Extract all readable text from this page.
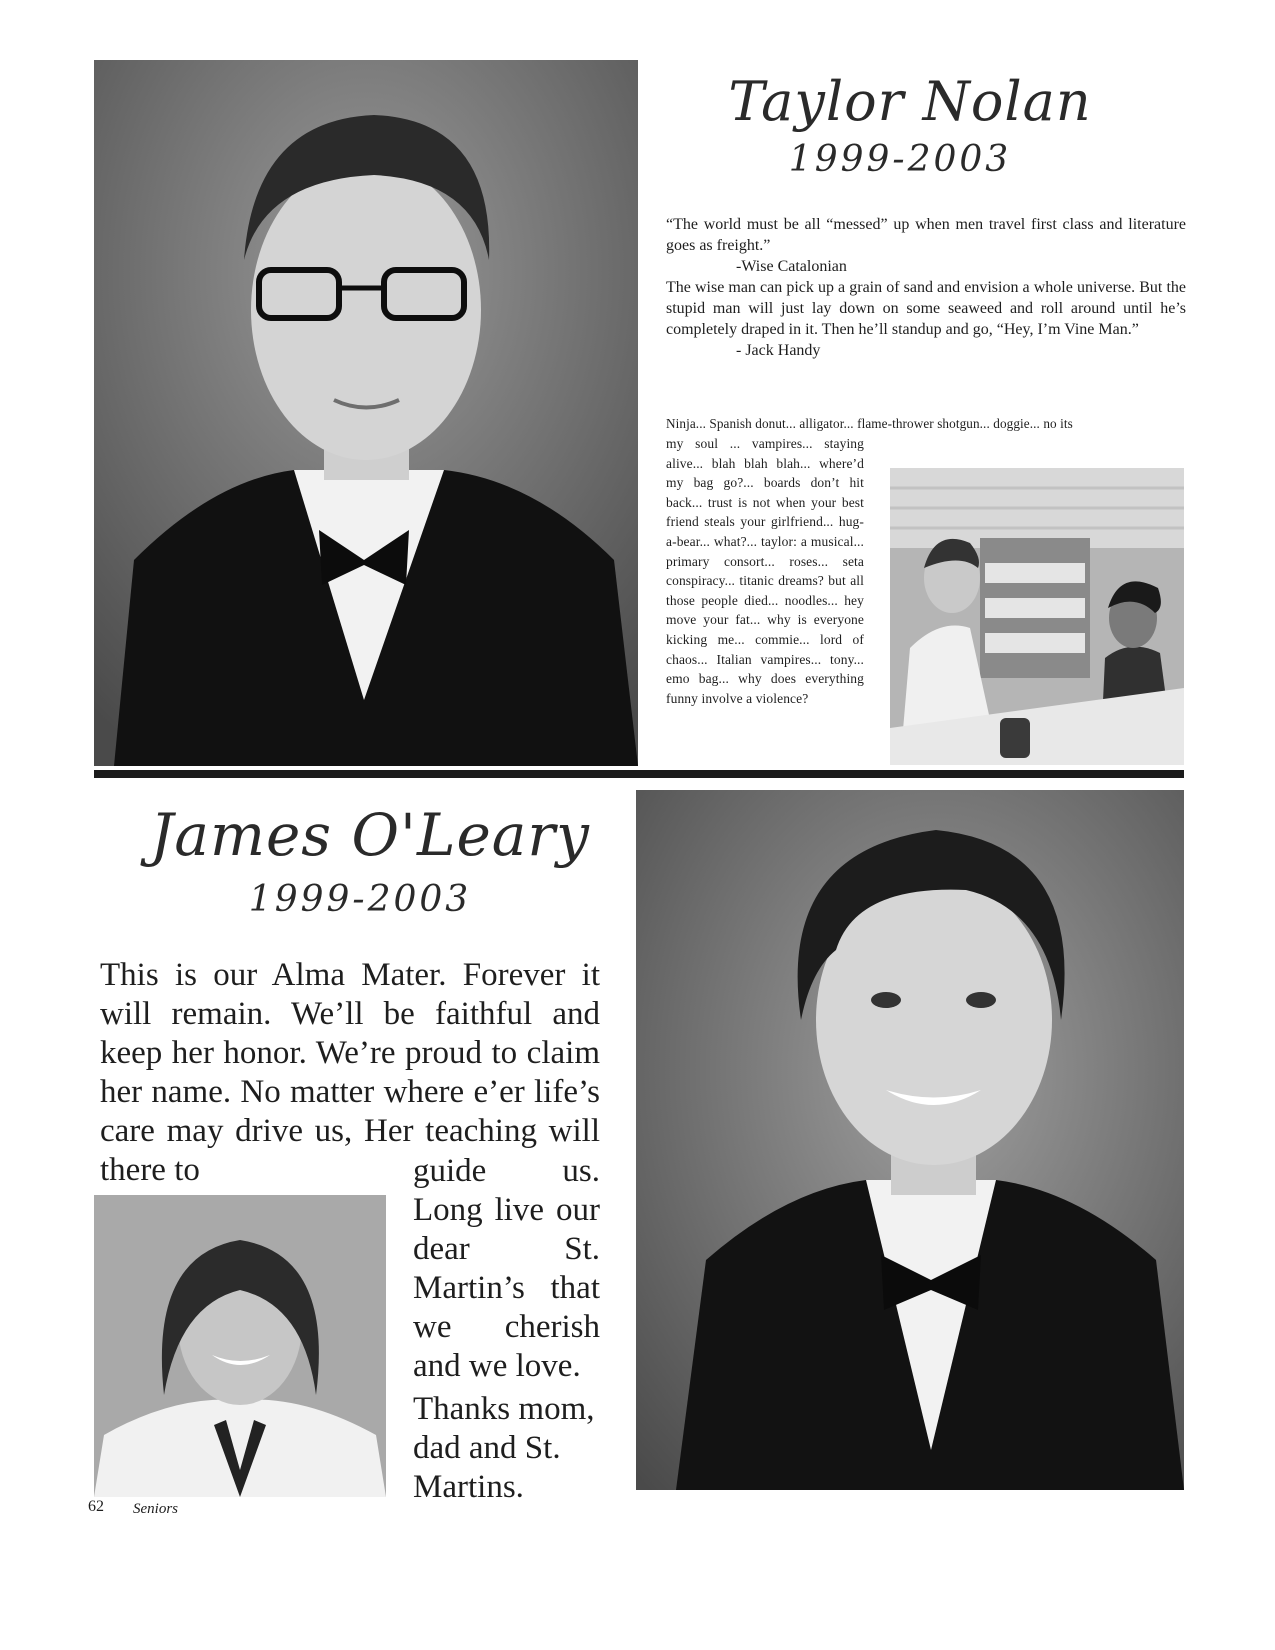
Taylor Nolan
1999-2003

“The world must be all “messed” up when men travel first class and literature goes as freight.”

-Wise Catalonian

The wise man can pick up a grain of sand and envision a whole universe. But the stupid man will just lay down on some seaweed and roll around until he’s completely draped in it. Then he’ll standup and go, “Hey, I’m Vine Man.”

- Jack Handy

Ninja... Spanish donut... alligator... flame-thrower shotgun... doggie... no its
my soul ... vampires... staying alive... blah blah blah... where’d my bag go?... boards don’t hit back... trust is not when your best friend steals your girlfriend... hug-a-bear... what?... taylor: a musical... primary consort... roses... seta conspiracy... titanic dreams? but all those people died... noodles... hey move your fat... why is everyone kicking me... commie... lord of chaos... Italian vampires... tony... emo bag... why does everything funny involve a violence?
James O'Leary
1999-2003
This is our Alma Mater. Forever it will remain. We’ll be faithful and keep her honor. We’re proud to claim her name. No matter where e’er life’s care may drive us, Her teaching will there to	guide us. Long live our dear St. Martin’s that we cherish and we love.
Thanks mom, dad and St. Martins.
62 Seniors
